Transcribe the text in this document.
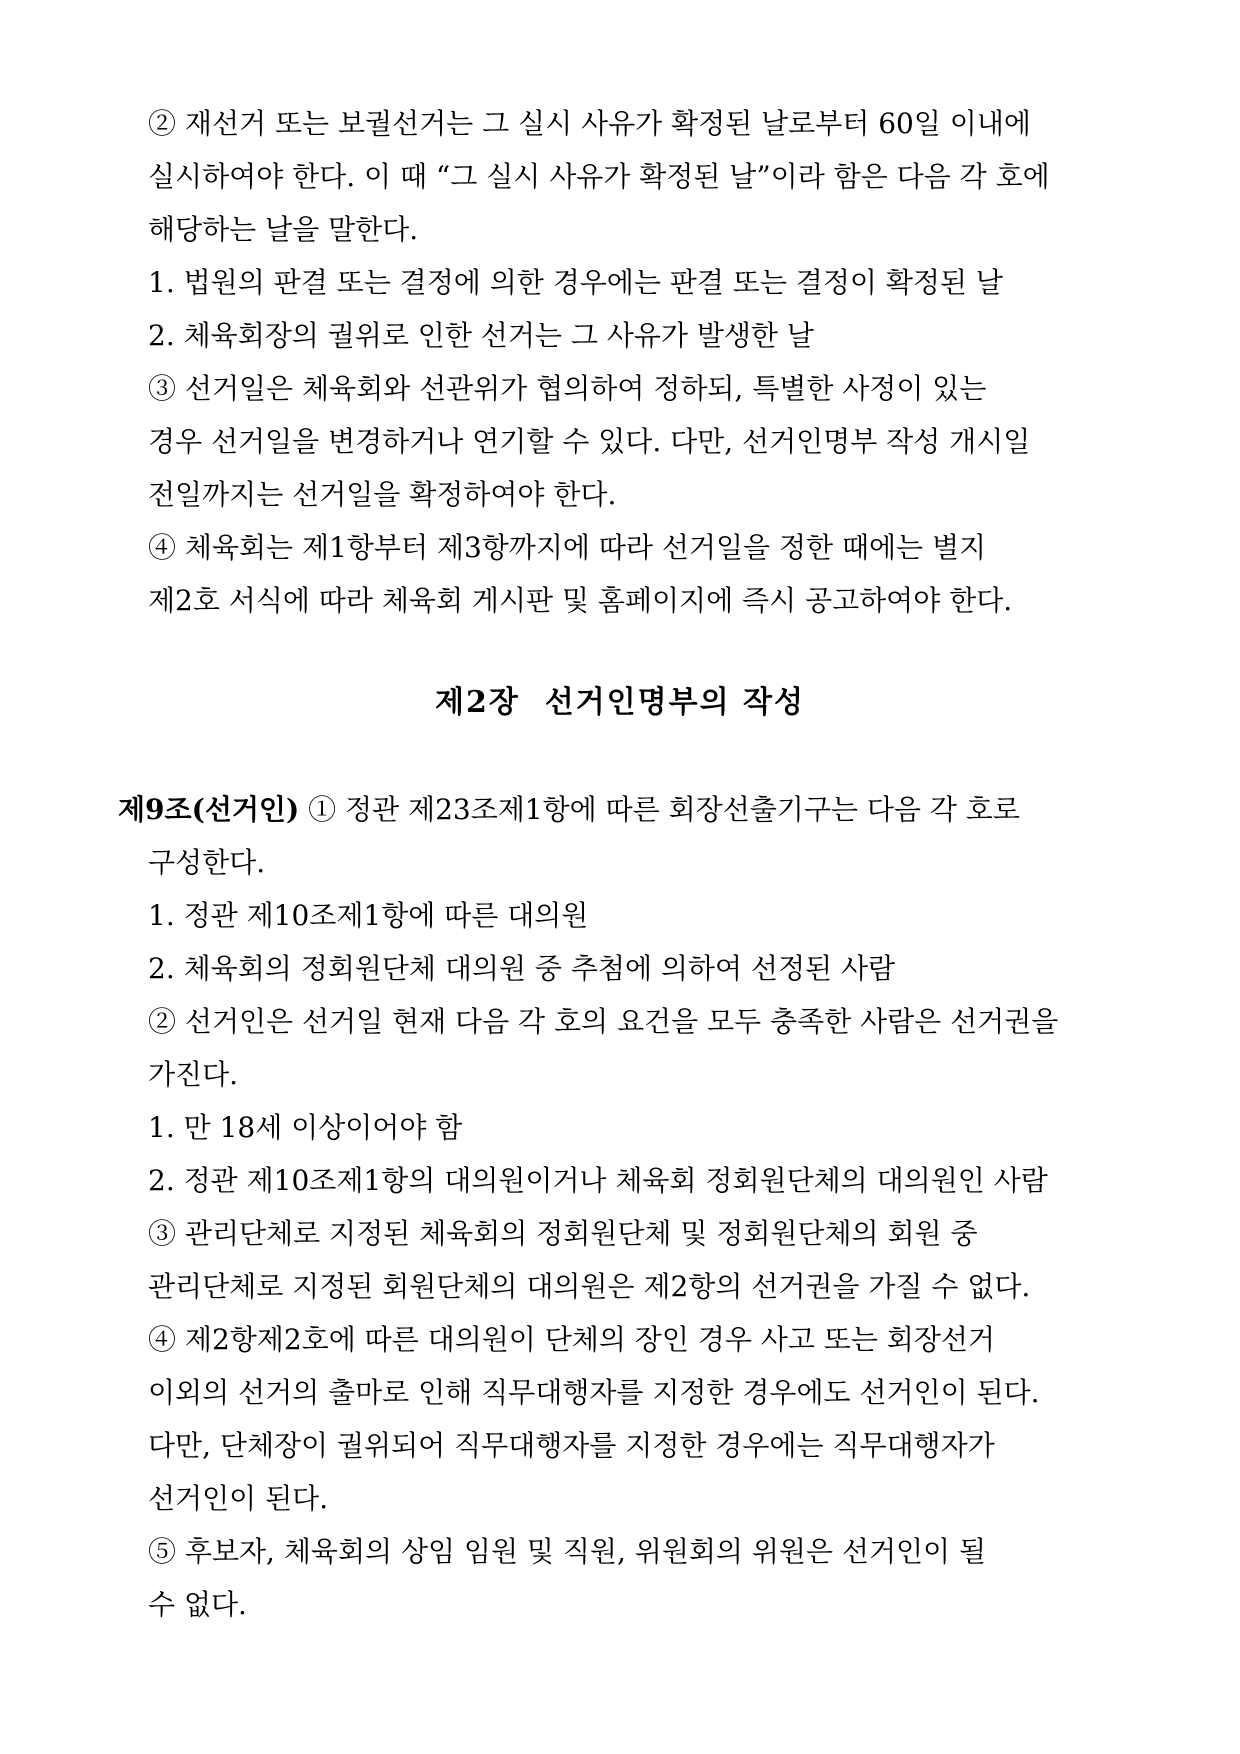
② 재선거 또는 보궐선거는 그 실시 사유가 확정된 날로부터 60일 이내에
실시하여야 한다. 이 때 “그 실시 사유가 확정된 날”이라 함은 다음 각 호에
해당하는 날을 말한다.
1. 법원의 판결 또는 결정에 의한 경우에는 판결 또는 결정이 확정된 날
2. 체육회장의 궐위로 인한 선거는 그 사유가 발생한 날
③ 선거일은 체육회와 선관위가 협의하여 정하되, 특별한 사정이 있는
경우 선거일을 변경하거나 연기할 수 있다. 다만, 선거인명부 작성 개시일
전일까지는 선거일을 확정하여야 한다.
④ 체육회는 제1항부터 제3항까지에 따라 선거일을 정한 때에는 별지
제2호 서식에 따라 체육회 게시판 및 홈페이지에 즉시 공고하여야 한다.
제2장  선거인명부의 작성
제9조(선거인) ① 정관 제23조제1항에 따른 회장선출기구는 다음 각 호로
구성한다.
1. 정관 제10조제1항에 따른 대의원
2. 체육회의 정회원단체 대의원 중 추첨에 의하여 선정된 사람
② 선거인은 선거일 현재 다음 각 호의 요건을 모두 충족한 사람은 선거권을
가진다.
1. 만 18세 이상이어야 함
2. 정관 제10조제1항의 대의원이거나 체육회 정회원단체의 대의원인 사람
③ 관리단체로 지정된 체육회의 정회원단체 및 정회원단체의 회원 중
관리단체로 지정된 회원단체의 대의원은 제2항의 선거권을 가질 수 없다.
④ 제2항제2호에 따른 대의원이 단체의 장인 경우 사고 또는 회장선거
이외의 선거의 출마로 인해 직무대행자를 지정한 경우에도 선거인이 된다.
다만, 단체장이 궐위되어 직무대행자를 지정한 경우에는 직무대행자가
선거인이 된다.
⑤ 후보자, 체육회의 상임 임원 및 직원, 위원회의 위원은 선거인이 될
수 없다.
